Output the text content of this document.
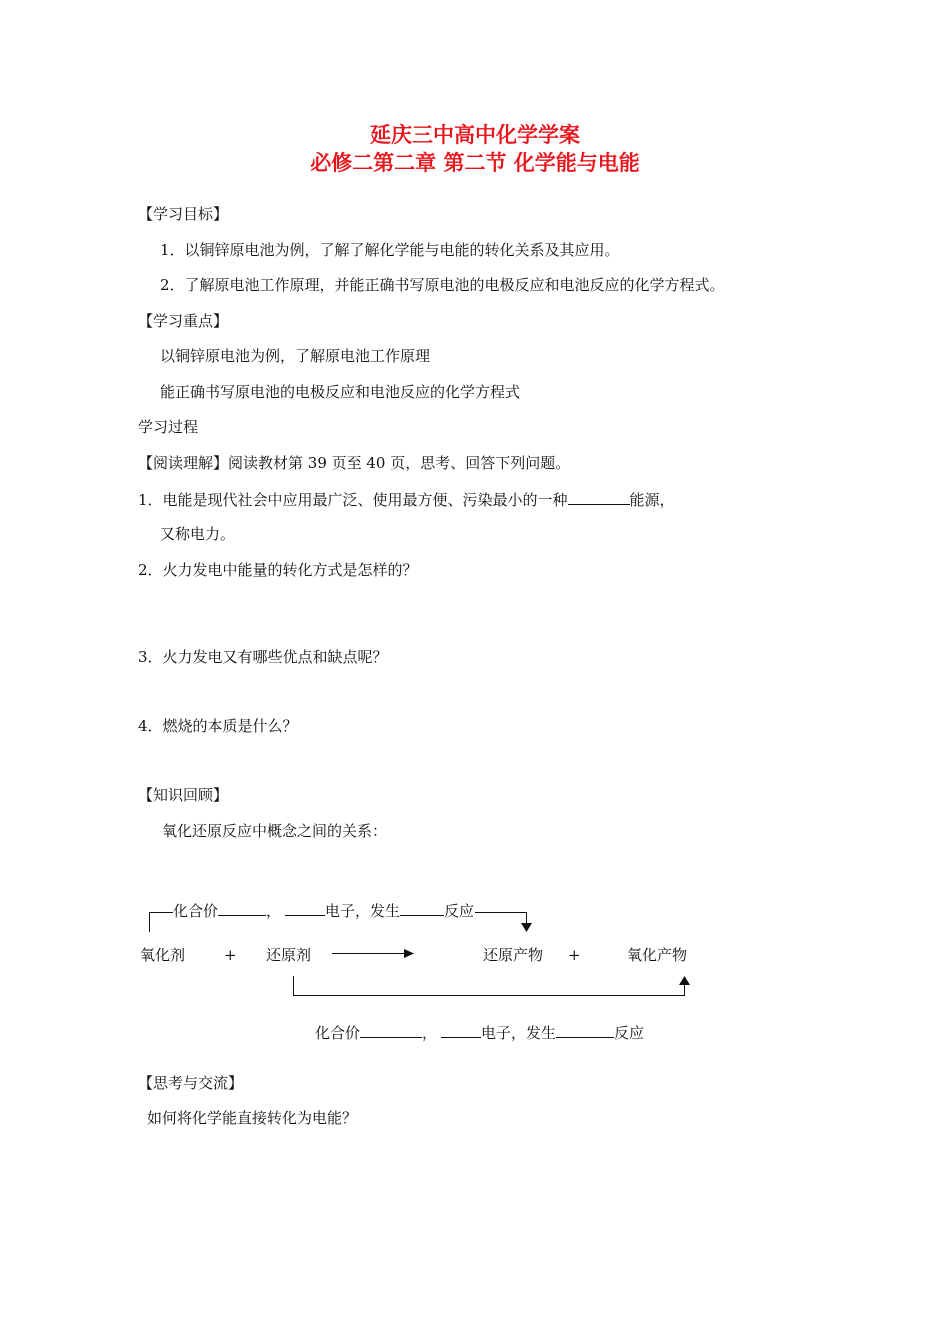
延庆三中高中化学学案
必修二第二章 第二节 化学能与电能
【学习目标】
1．以铜锌原电池为例，了解了解化学能与电能的转化关系及其应用。
2．了解原电池工作原理，并能正确书写原电池的电极反应和电池反应的化学方程式。
【学习重点】
以铜锌原电池为例，了解原电池工作原理
能正确书写原电池的电极反应和电池反应的化学方程式
学习过程
【阅读理解】阅读教材第 39 页至 40 页，思考、回答下列问题。
1．电能是现代社会中应用最广泛、使用最方便、污染最小的一种	能源，
又称电力。
2．火力发电中能量的转化方式是怎样的？
3．火力发电又有哪些优点和缺点呢？
4．燃烧的本质是什么？
【知识回顾】
氧化还原反应中概念之间的关系：
化合价	，	电子，发生	反应
氧化剂	+ 还原剂	还原产物 +	氧化产物
化合价	，	电子，发生	反应
【思考与交流】
如何将化学能直接转化为电能？
